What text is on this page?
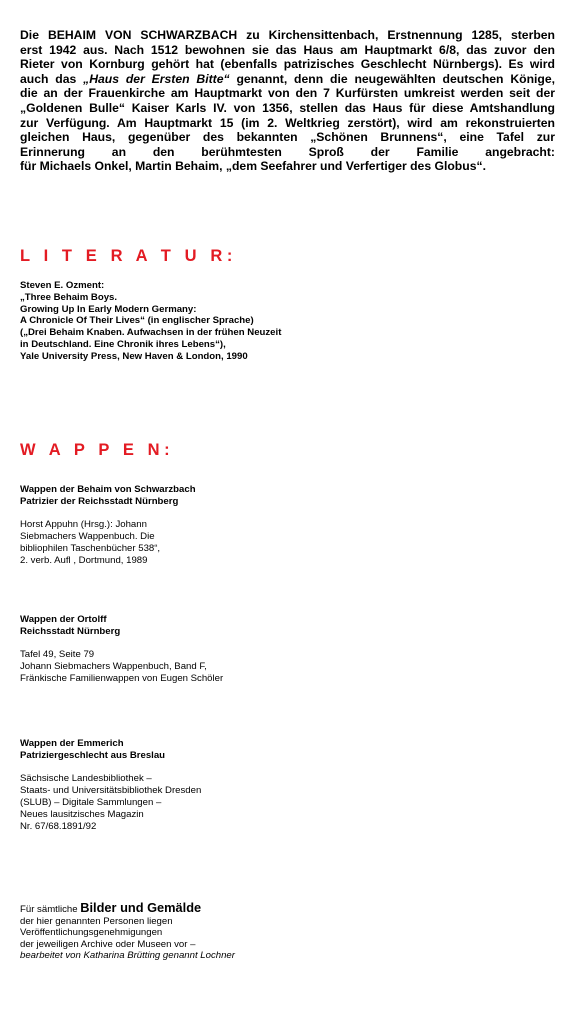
Die BEHAIM VON SCHWARZBACH zu Kirchensittenbach, Erstnennung 1285, sterben
erst 1942 aus. Nach 1512 bewohnen sie das Haus am Hauptmarkt 6/8, das zuvor den
Rieter von Kornburg gehört hat (ebenfalls patrizisches Geschlecht Nürnbergs). Es wird
auch das „Haus der Ersten Bitte“ genannt, denn die neugewählten deutschen Könige,
die an der Frauenkirche am Hauptmarkt von den 7 Kurfürsten umkreist werden seit der
„Goldenen Bulle“ Kaiser Karls IV. von 1356, stellen das Haus für diese Amtshandlung
zur Verfügung. Am Hauptmarkt 15 (im 2. Weltkrieg zerstört), wird am rekonstruierten
gleichen Haus, gegenüber des bekannten „Schönen Brunnens“, eine Tafel zur
Erinnerung an den berühmtesten Sproß der Familie angebracht:
für Michaels Onkel, Martin Behaim, „dem Seefahrer und Verfertiger des Globus“.
L I T E R A T U R:
Steven E. Ozment:
„Three Behaim Boys.
Growing Up In Early Modern Germany:
A Chronicle Of Their Lives“ (in englischer Sprache)
(„Drei Behaim Knaben. Aufwachsen in der frühen Neuzeit
in Deutschland. Eine Chronik ihres Lebens“),
Yale University Press, New Haven & London, 1990
W A P P E N:
Wappen der Behaim von Schwarzbach
Patrizier der Reichsstadt Nürnberg
Horst Appuhn (Hrsg.): Johann
Siebmachers Wappenbuch. Die
bibliophilen Taschenbücher 538“,
2. verb. Aufl , Dortmund, 1989
Wappen der Ortolff
Reichsstadt Nürnberg
Tafel 49, Seite 79
Johann Siebmachers Wappenbuch, Band F,
Fränkische Familienwappen von Eugen Schöler
Wappen der Emmerich
Patriziergeschlecht aus Breslau
Sächsische Landesbibliothek –
Staats- und Universitätsbibliothek Dresden
(SLUB) – Digitale Sammlungen –
Neues lausitzisches Magazin
Nr. 67/68.1891/92
Für sämtliche Bilder und Gemälde
der hier genannten Personen liegen
Veröffentlichungsgenehmigungen
der jeweiligen Archive oder Museen vor –
bearbeitet von Katharina Brütting genannt Lochner
